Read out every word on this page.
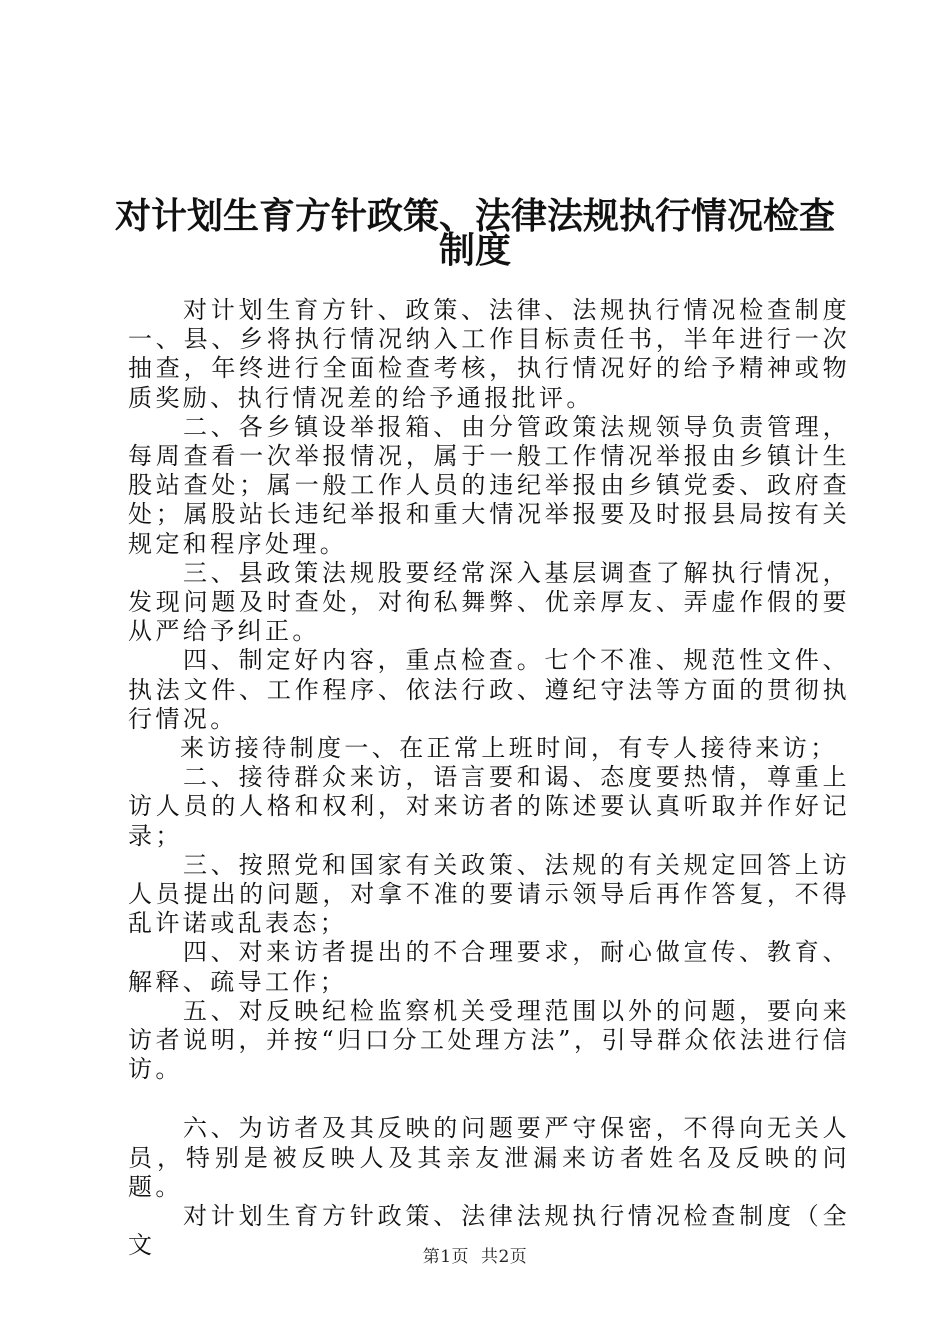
对计划生育方针政策、法律法规执行情况检查
制度

对计划生育方针、政策、法律、法规执行情况检查制度一、县、乡将执行情况纳入工作目标责任书，半年进行一次抽查，年终进行全面检查考核，执行情况好的给予精神或物质奖励、执行情况差的给予通报批评。

二、各乡镇设举报箱、由分管政策法规领导负责管理，每周查看一次举报情况，属于一般工作情况举报由乡镇计生股站查处；属一般工作人员的违纪举报由乡镇党委、政府查处；属股站长违纪举报和重大情况举报要及时报县局按有关规定和程序处理。

三、县政策法规股要经常深入基层调查了解执行情况，发现问题及时查处，对徇私舞弊、优亲厚友、弄虚作假的要从严给予纠正。

四、制定好内容，重点检查。七个不准、规范性文件、执法文件、工作程序、依法行政、遵纪守法等方面的贯彻执行情况。

来访接待制度一、在正常上班时间，有专人接待来访；

二、接待群众来访，语言要和谒、态度要热情，尊重上访人员的人格和权利，对来访者的陈述要认真听取并作好记录；

三、按照党和国家有关政策、法规的有关规定回答上访人员提出的问题，对拿不准的要请示领导后再作答复，不得乱许诺或乱表态；

四、对来访者提出的不合理要求，耐心做宣传、教育、解释、疏导工作；

五、对反映纪检监察机关受理范围以外的问题，要向来访者说明，并按“归口分工处理方法”，引导群众依法进行信访。

六、为访者及其反映的问题要严守保密，不得向无关人员，特别是被反映人及其亲友泄漏来访者姓名及反映的问题。

对计划生育方针政策、法律法规执行情况检查制度（全文	第1页 共2页
